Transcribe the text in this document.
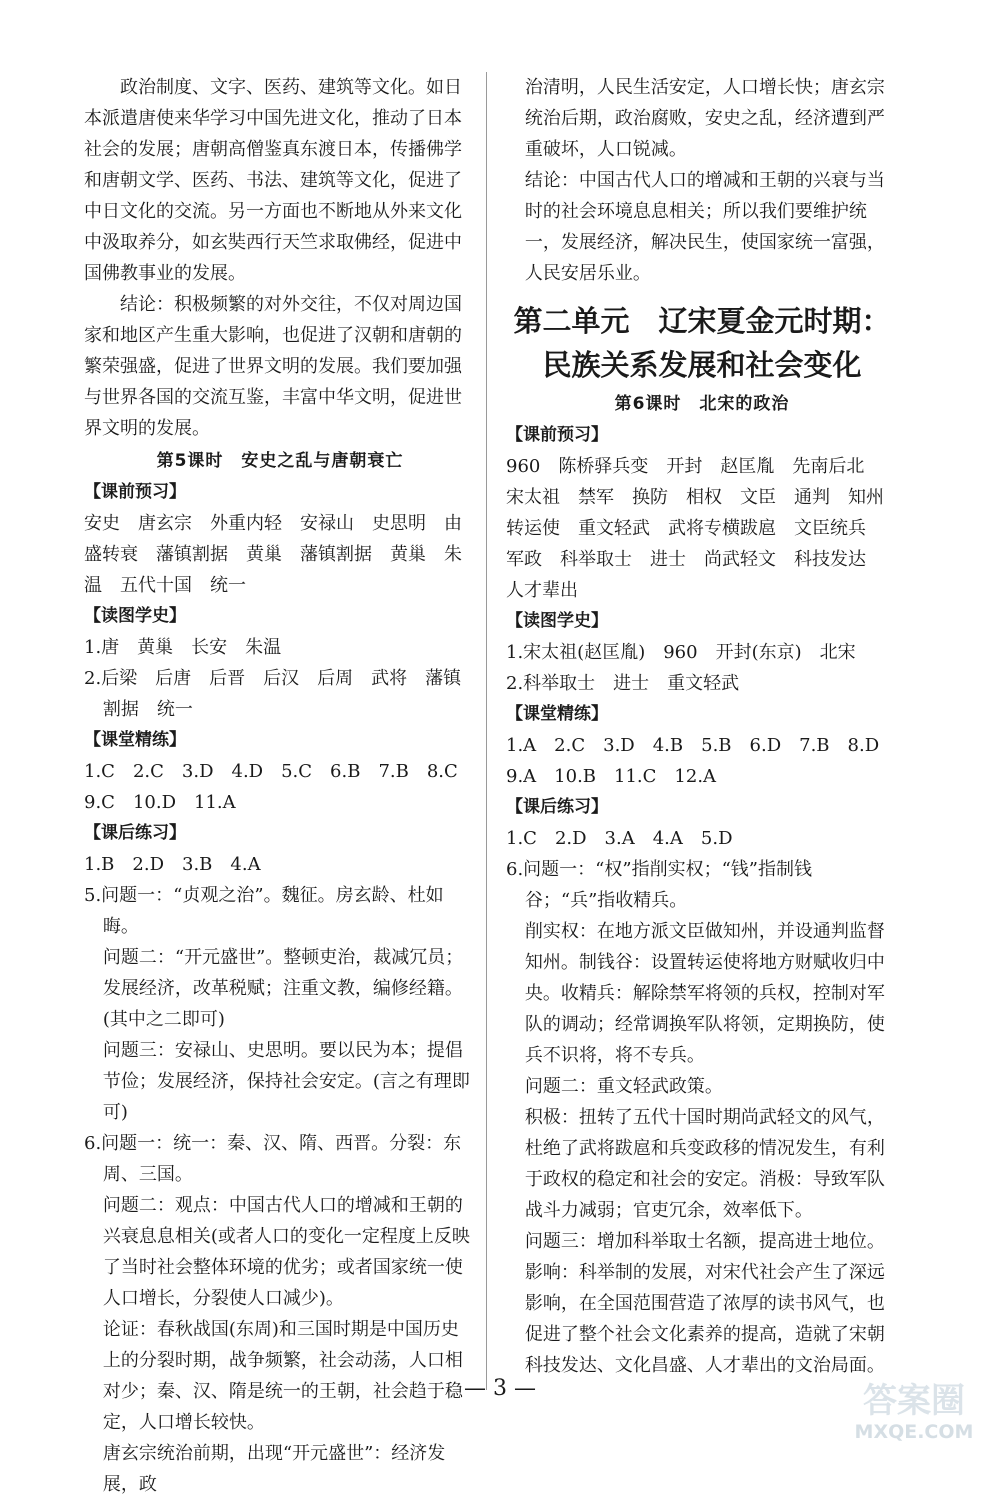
政治制度、文字、医药、建筑等文化。如日本派遣唐使来华学习中国先进文化，推动了日本社会的发展；唐朝高僧鉴真东渡日本，传播佛学和唐朝文学、医药、书法、建筑等文化，促进了中日文化的交流。另一方面也不断地从外来文化中汲取养分，如玄奘西行天竺求取佛经，促进中国佛教事业的发展。

结论：积极频繁的对外交往，不仅对周边国家和地区产生重大影响，也促进了汉朝和唐朝的繁荣强盛，促进了世界文明的发展。我们要加强与世界各国的交流互鉴，丰富中华文明，促进世界文明的发展。

第5课时　安史之乱与唐朝衰亡

【课前预习】

安史　唐玄宗　外重内轻　安禄山　史思明　由盛转衰　藩镇割据　黄巢　藩镇割据　黄巢　朱温　五代十国　统一

【读图学史】

1.唐　黄巢　长安　朱温

2.后梁　后唐　后晋　后汉　后周　武将　藩镇割据　统一

【课堂精练】

1.C　2.C　3.D　4.D　5.C　6.B　7.B　8.C

9.C　10.D　11.A

【课后练习】

1.B　2.D　3.B　4.A

5.问题一：“贞观之治”。魏征。房玄龄、杜如晦。

问题二：“开元盛世”。整顿吏治，裁减冗员；发展经济，改革税赋；注重文教，编修经籍。(其中之二即可)

问题三：安禄山、史思明。要以民为本；提倡节俭；发展经济，保持社会安定。(言之有理即可)

6.问题一：统一：秦、汉、隋、西晋。分裂：东周、三国。

问题二：观点：中国古代人口的增减和王朝的兴衰息息相关(或者人口的变化一定程度上反映了当时社会整体环境的优劣；或者国家统一使人口增长，分裂使人口减少)。

论证：春秋战国(东周)和三国时期是中国历史上的分裂时期，战争频繁，社会动荡，人口相对少；秦、汉、隋是统一的王朝，社会趋于稳定，人口增长较快。

唐玄宗统治前期，出现“开元盛世”：经济发展，政

治清明，人民生活安定，人口增长快；唐玄宗统治后期，政治腐败，安史之乱，经济遭到严重破坏，人口锐减。

结论：中国古代人口的增减和王朝的兴衰与当时的社会环境息息相关；所以我们要维护统一，发展经济，解决民生，使国家统一富强，人民安居乐业。

第二单元　辽宋夏金元时期：

民族关系发展和社会变化

第6课时　北宋的政治

【课前预习】

960　陈桥驿兵变　开封　赵匡胤　先南后北　宋太祖　禁军　换防　相权　文臣　通判　知州　转运使　重文轻武　武将专横跋扈　文臣统兵　军政　科举取士　进士　尚武轻文　科技发达　人才辈出

【读图学史】

1.宋太祖(赵匡胤)　960　开封(东京)　北宋

2.科举取士　进士　重文轻武

【课堂精练】

1.A　2.C　3.D　4.B　5.B　6.D　7.B　8.D

9.A　10.B　11.C　12.A

【课后练习】

1.C　2.D　3.A　4.A　5.D

6.问题一：“权”指削实权；“钱”指制钱谷；“兵”指收精兵。

削实权：在地方派文臣做知州，并设通判监督知州。制钱谷：设置转运使将地方财赋收归中央。收精兵：解除禁军将领的兵权，控制对军队的调动；经常调换军队将领，定期换防，使兵不识将，将不专兵。

问题二：重文轻武政策。

积极：扭转了五代十国时期尚武轻文的风气，杜绝了武将跋扈和兵变政移的情况发生，有利于政权的稳定和社会的安定。消极：导致军队战斗力减弱；官吏冗余，效率低下。

问题三：增加科举取士名额，提高进士地位。

影响：科举制的发展，对宋代社会产生了深远影响，在全国范围营造了浓厚的读书风气，也促进了整个社会文化素养的提高，造就了宋朝科技发达、文化昌盛、人才辈出的文治局面。

— 3 —	答案圈
MXQE.COM
